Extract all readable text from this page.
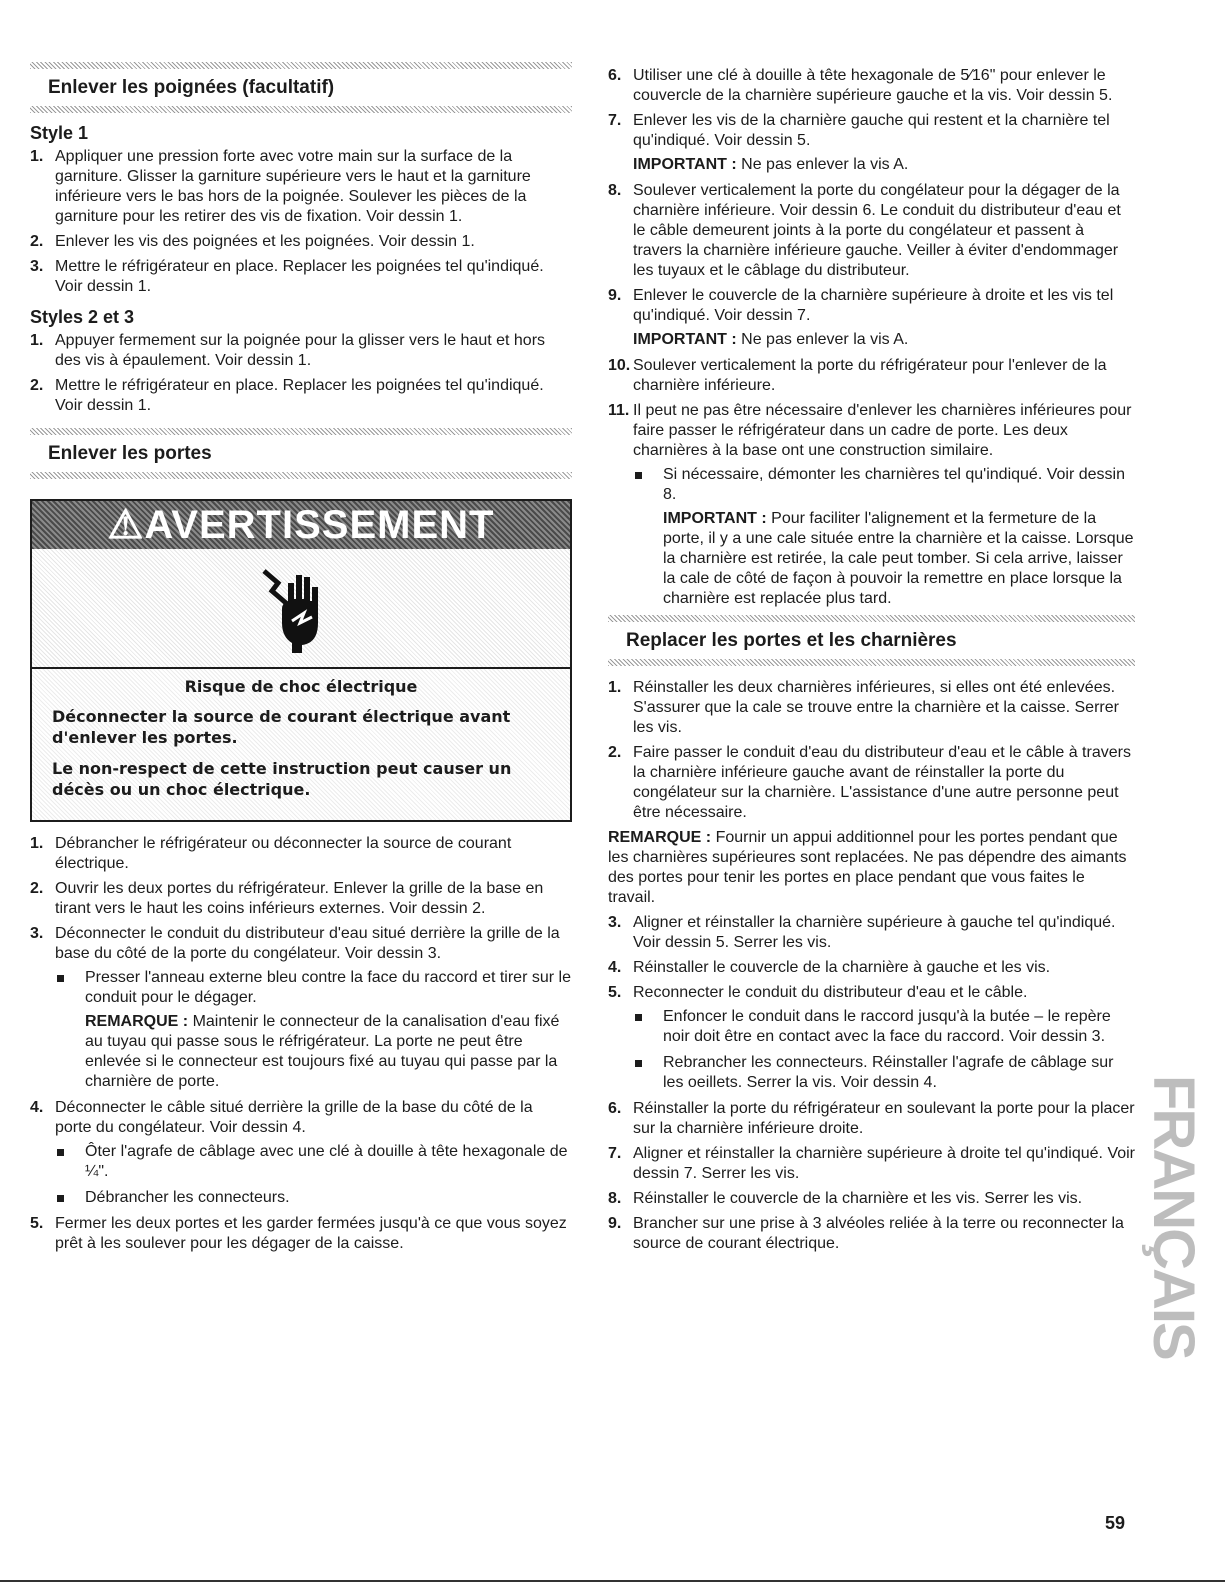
Enlever les poignées (facultatif)
Style 1
1. Appliquer une pression forte avec votre main sur la surface de la garniture. Glisser la garniture supérieure vers le haut et la garniture inférieure vers le bas hors de la poignée. Soulever les pièces de la garniture pour les retirer des vis de fixation. Voir dessin 1.
2. Enlever les vis des poignées et les poignées. Voir dessin 1.
3. Mettre le réfrigérateur en place. Replacer les poignées tel qu'indiqué. Voir dessin 1.
Styles 2 et 3
1. Appuyer fermement sur la poignée pour la glisser vers le haut et hors des vis à épaulement. Voir dessin 1.
2. Mettre le réfrigérateur en place. Replacer les poignées tel qu'indiqué. Voir dessin 1.
Enlever les portes
⚠AVERTISSEMENT
Risque de choc électrique
Déconnecter la source de courant électrique avant d'enlever les portes.
Le non-respect de cette instruction peut causer un décès ou un choc électrique.
1. Débrancher le réfrigérateur ou déconnecter la source de courant électrique.
2. Ouvrir les deux portes du réfrigérateur. Enlever la grille de la base en tirant vers le haut les coins inférieurs externes. Voir dessin 2.
3. Déconnecter le conduit du distributeur d'eau situé derrière la grille de la base du côté de la porte du congélateur. Voir dessin 3.
Presser l'anneau externe bleu contre la face du raccord et tirer sur le conduit pour le dégager.
REMARQUE : Maintenir le connecteur de la canalisation d'eau fixé au tuyau qui passe sous le réfrigérateur. La porte ne peut être enlevée si le connecteur est toujours fixé au tuyau qui passe par la charnière de porte.
4. Déconnecter le câble situé derrière la grille de la base du côté de la porte du congélateur. Voir dessin 4.
Ôter l'agrafe de câblage avec une clé à douille à tête hexagonale de ¼".
Débrancher les connecteurs.
5. Fermer les deux portes et les garder fermées jusqu'à ce que vous soyez prêt à les soulever pour les dégager de la caisse.
6. Utiliser une clé à douille à tête hexagonale de 5⁄16" pour enlever le couvercle de la charnière supérieure gauche et la vis. Voir dessin 5.
7. Enlever les vis de la charnière gauche qui restent et la charnière tel qu'indiqué. Voir dessin 5.
IMPORTANT : Ne pas enlever la vis A.
8. Soulever verticalement la porte du congélateur pour la dégager de la charnière inférieure. Voir dessin 6. Le conduit du distributeur d'eau et le câble demeurent joints à la porte du congélateur et passent à travers la charnière inférieure gauche. Veiller à éviter d'endommager les tuyaux et le câblage du distributeur.
9. Enlever le couvercle de la charnière supérieure à droite et les vis tel qu'indiqué. Voir dessin 7.
IMPORTANT : Ne pas enlever la vis A.
10. Soulever verticalement la porte du réfrigérateur pour l'enlever de la charnière inférieure.
11. Il peut ne pas être nécessaire d'enlever les charnières inférieures pour faire passer le réfrigérateur dans un cadre de porte. Les deux charnières à la base ont une construction similaire.
Si nécessaire, démonter les charnières tel qu'indiqué. Voir dessin 8.
IMPORTANT : Pour faciliter l'alignement et la fermeture de la porte, il y a une cale située entre la charnière et la caisse. Lorsque la charnière est retirée, la cale peut tomber. Si cela arrive, laisser la cale de côté de façon à pouvoir la remettre en place lorsque la charnière est replacée plus tard.
Replacer les portes et les charnières
1. Réinstaller les deux charnières inférieures, si elles ont été enlevées. S'assurer que la cale se trouve entre la charnière et la caisse. Serrer les vis.
2. Faire passer le conduit d'eau du distributeur d'eau et le câble à travers la charnière inférieure gauche avant de réinstaller la porte du congélateur sur la charnière. L'assistance d'une autre personne peut être nécessaire.
REMARQUE : Fournir un appui additionnel pour les portes pendant que les charnières supérieures sont replacées. Ne pas dépendre des aimants des portes pour tenir les portes en place pendant que vous faites le travail.
3. Aligner et réinstaller la charnière supérieure à gauche tel qu'indiqué. Voir dessin 5. Serrer les vis.
4. Réinstaller le couvercle de la charnière à gauche et les vis.
5. Reconnecter le conduit du distributeur d'eau et le câble.
Enfoncer le conduit dans le raccord jusqu'à la butée – le repère noir doit être en contact avec la face du raccord. Voir dessin 3.
Rebrancher les connecteurs. Réinstaller l'agrafe de câblage sur les oeillets. Serrer la vis. Voir dessin 4.
6. Réinstaller la porte du réfrigérateur en soulevant la porte pour la placer sur la charnière inférieure droite.
7. Aligner et réinstaller la charnière supérieure à droite tel qu'indiqué. Voir dessin 7. Serrer les vis.
8. Réinstaller le couvercle de la charnière et les vis. Serrer les vis.
9. Brancher sur une prise à 3 alvéoles reliée à la terre ou reconnecter la source de courant électrique.	FRANÇAIS
59
